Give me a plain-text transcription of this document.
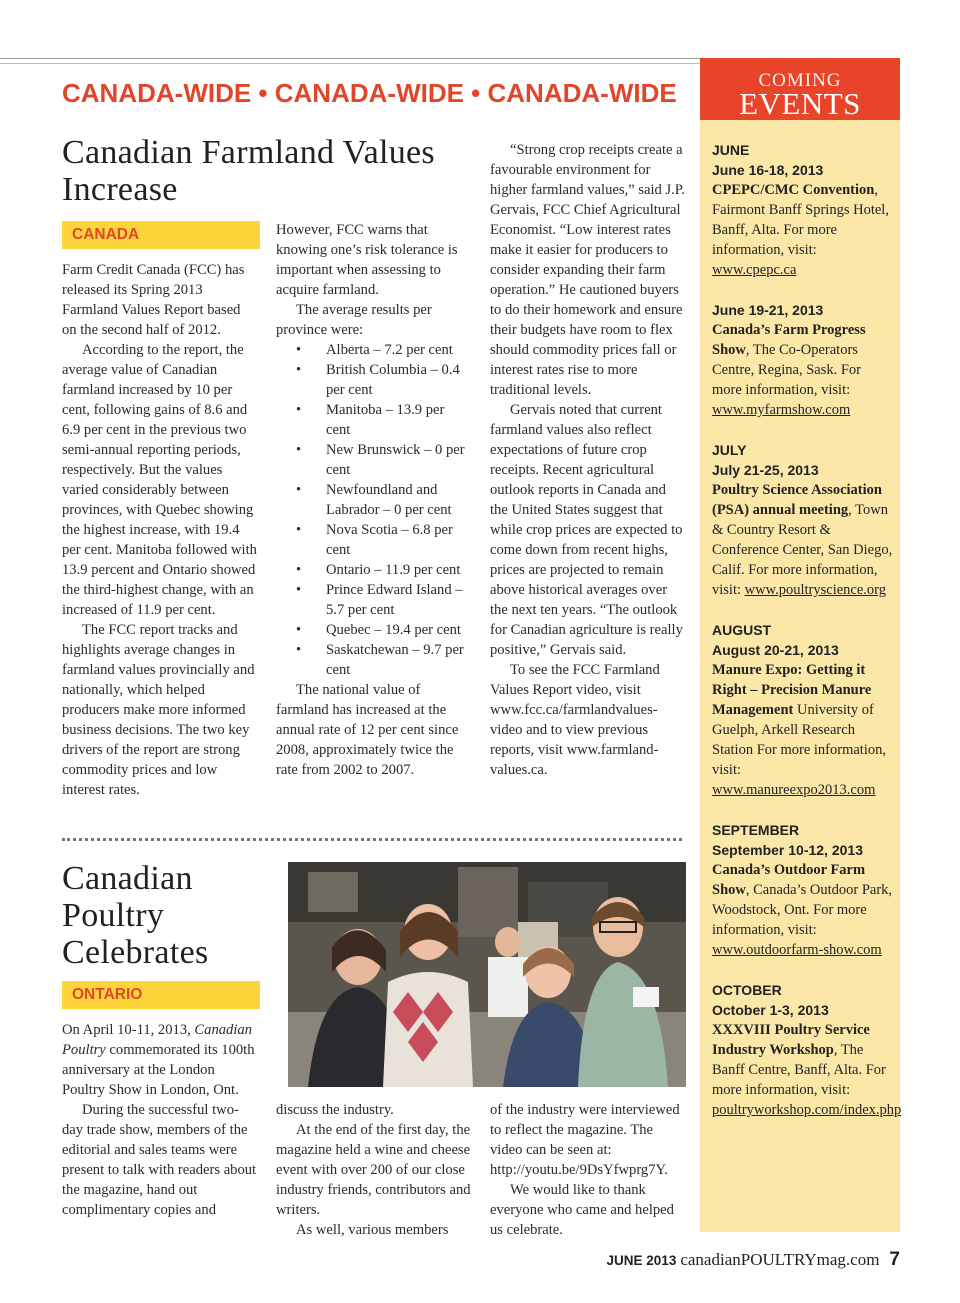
CANADA-WIDE • CANADA-WIDE • CANADA-WIDE	COMING
EVENTS
JUNE
June 16-18, 2013
CPEPC/CMC Convention, Fairmont Banff Springs Hotel, Banff, Alta. For more information, visit: www.cpepc.ca
June 19-21, 2013
Canada’s Farm Progress Show, The Co-Operators Centre, Regina, Sask. For more information, visit: www.myfarmshow.com
JULY
July 21-25, 2013
Poultry Science Association (PSA) annual meeting, Town & Country Resort & Conference Center, San Diego, Calif. For more information, visit: www.poultryscience.org
AUGUST
August 20-21, 2013
Manure Expo: Getting it Right – Precision Manure Management University of Guelph, Arkell Research Station For more information, visit: www.manureexpo2013.com
SEPTEMBER
September 10-12, 2013
Canada’s Outdoor Farm Show, Canada’s Outdoor Park, Woodstock, Ont. For more information, visit: www.outdoorfarm-show.com
OCTOBER
October 1-3, 2013
XXXVIII Poultry Service Industry Workshop, The Banff Centre, Banff, Alta. For more information, visit: poultryworkshop.com/index.php
Canadian Farmland Values
Increase
CANADA

Farm Credit Canada (FCC) has released its Spring 2013 Farmland Values Report based on the second half of 2012.

According to the report, the average value of Canadian farmland increased by 10 per cent, following gains of 8.6 and 6.9 per cent in the previous two semi-annual reporting periods, respectively. But the values varied considerably between provinces, with Quebec showing the highest increase, with 19.4 per cent. Manitoba followed with 13.9 percent and Ontario showed the third-highest change, with an increased of 11.9 per cent.

The FCC report tracks and highlights average changes in farmland values provincially and nationally, which helped producers make more informed business decisions. The two key drivers of the report are strong commodity prices and low interest rates.

However, FCC warns that knowing one’s risk tolerance is important when assessing to acquire farmland.

The average results per province were:

• Alberta – 7.2 per cent
• British Columbia – 0.4 per cent
• Manitoba – 13.9 per cent
• New Brunswick – 0 per cent
• Newfoundland and Labrador – 0 per cent
• Nova Scotia – 6.8 per cent
• Ontario – 11.9 per cent
• Prince Edward Island – 5.7 per cent
• Quebec – 19.4 per cent
• Saskatchewan – 9.7 per cent

The national value of farmland has increased at the annual rate of 12 per cent since 2008, approximately twice the rate from 2002 to 2007.

“Strong crop receipts create a favourable environment for higher farmland values,” said J.P. Gervais, FCC Chief Agricultural Economist. “Low interest rates make it easier for producers to consider expanding their farm operation.” He cautioned buyers to do their homework and ensure their budgets have room to flex should commodity prices fall or interest rates rise to more traditional levels.

Gervais noted that current farmland values also reflect expectations of future crop receipts. Recent agricultural outlook reports in Canada and the United States suggest that while crop prices are expected to come down from recent highs, prices are projected to remain above historical averages over the next ten years. “The outlook for Canadian agriculture is really positive,” Gervais said.

To see the FCC Farmland Values Report video, visit www.fcc.ca/farmlandvalues-video and to view previous reports, visit www.farmland-values.ca.

Canadian
Poultry
Celebrates
ONTARIO

On April 10-11, 2013, Canadian Poultry commemorated its 100th anniversary at the London Poultry Show in London, Ont.

During the successful two-day trade show, members of the editorial and sales teams were present to talk with readers about the magazine, hand out complimentary copies and

discuss the industry.

At the end of the first day, the magazine held a wine and cheese event with over 200 of our close industry friends, contributors and writers.

As well, various members

of the industry were interviewed to reflect the magazine. The video can be seen at: http://youtu.be/9DsYfwprg7Y.

We would like to thank everyone who came and helped us celebrate.

JUNE 2013 canadianPOULTRYmag.com 7
